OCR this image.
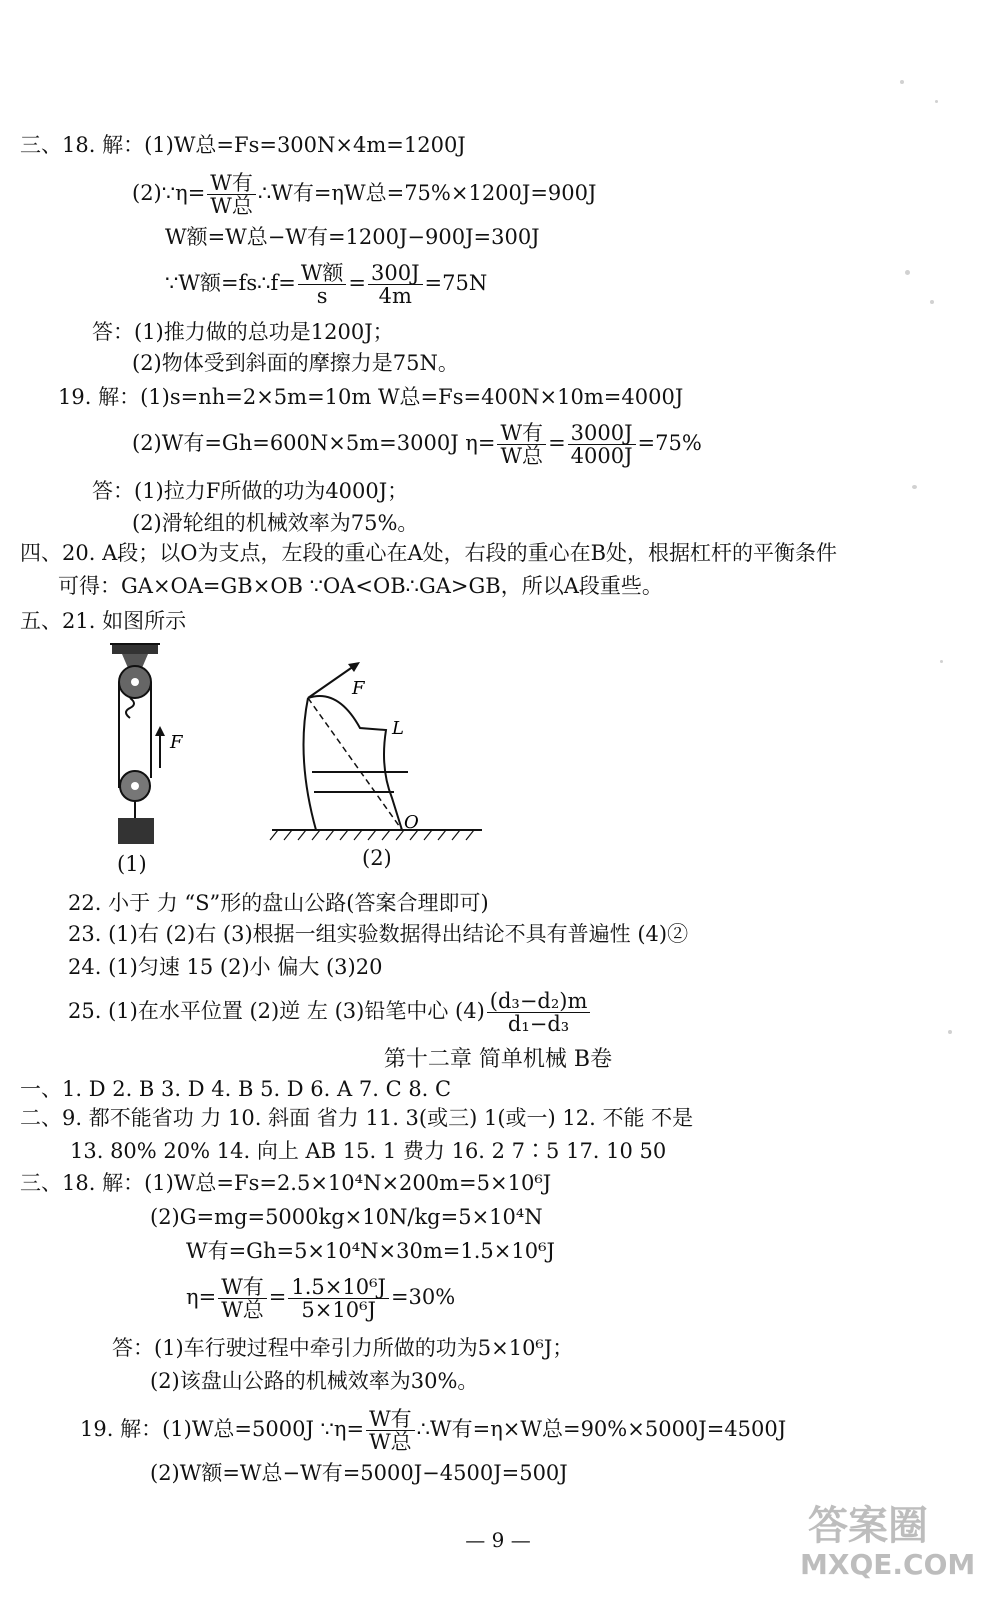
三、18. 解：(1)W总=Fs=300N×4m=1200J
(2)∵η= $\frac{\text{W有}}{\text{W总}}$ ∴W有=ηW总=75%×1200J=900J
W额=W总−W有=1200J−900J=300J
∵W额=fs∴f= $\frac{\text{W额}}{s} = \frac{300J}{4m} =75N$
答：(1)推力做的总功是1200J；
(2)物体受到斜面的摩擦力是75N。
19. 解：(1)s=nh=2×5m=10m W总=Fs=400N×10m=4000J
(2)W有=Gh=600N×5m=3000J $\eta= \frac{\text{W有}}{\text{W总}} = \frac{3000J}{4000J} =75\%$
答：(1)拉力F所做的功为4000J；
(2)滑轮组的机械效率为75%。
四、20. A段；以O为支点，左段的重心在A处，右段的重心在B处，根据杠杆的平衡条件
可得：GA×OA=GB×OB ∵OA<OB∴GA>GB，所以A段重些。
五、21. 如图所示
F
(1)
F
L
O
(2)
22. 小于 力 “S”形的盘山公路(答案合理即可)
23. (1)右 (2)右 (3)根据一组实验数据得出结论不具有普遍性 (4)②
24. (1)匀速 15 (2)小 偏大 (3)20
25. (1)在水平位置 (2)逆 左 (3)铅笔中心 $(4) \frac{\text{(d₃−d₂)m}}{\text{d₁−d₃}}$
第十二章 简单机械 B卷
一、1. D 2. B 3. D 4. B 5. D 6. A 7. C 8. C
二、9. 都不能省功 力 10. 斜面 省力 11. 3(或三) 1(或一) 12. 不能 不是
13. 80% 20% 14. 向上 AB 15. 1 费力 16. 2 7∶5 17. 10 50
三、18. 解：(1)W总=Fs=2.5×10⁴N×200m=5×10⁶J
(2)G=mg=5000kg×10N/kg=5×10⁴N
W有=Gh=5×10⁴N×30m=1.5×10⁶J
$\eta= \frac{\text{W有}}{\text{W总}} = \frac{\text{1.5×10⁶J}}{\text{5×10⁶J}} =30\%$
答：(1)车行驶过程中牵引力所做的功为5×10⁶J；
(2)该盘山公路的机械效率为30%。
19. 解：(1)W总=5000J ∵η= $\frac{\text{W有}}{\text{W总}}$ ∴W有=η×W总=90%×5000J=4500J
(2)W额=W总−W有=5000J−4500J=500J
— 9 —	答案圈
MXQE.COM
